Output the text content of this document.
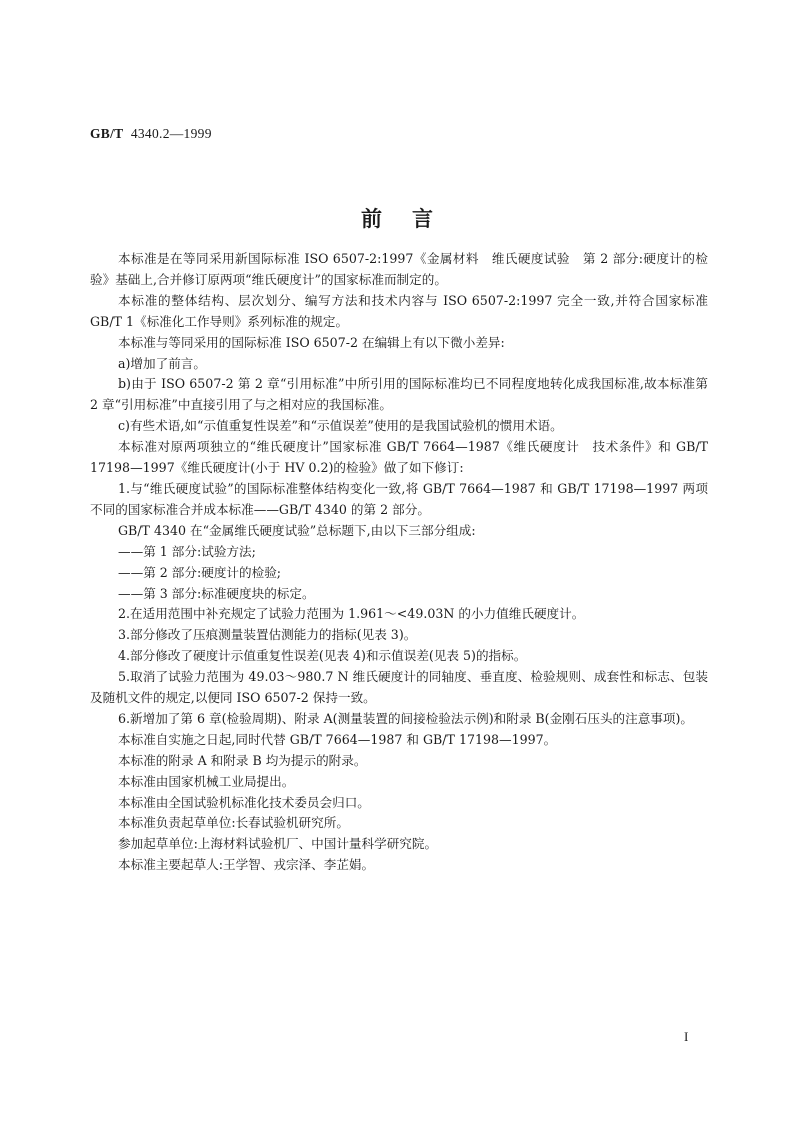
GB/T 4340.2—1999
前言

本标准是在等同采用新国际标准 ISO 6507-2:1997《金属材料　维氏硬度试验　第 2 部分:硬度计的检验》基础上,合并修订原两项“维氏硬度计”的国家标准而制定的。

本标准的整体结构、层次划分、编写方法和技术内容与 ISO 6507-2:1997 完全一致,并符合国家标准 GB/T 1《标准化工作导则》系列标准的规定。

本标准与等同采用的国际标准 ISO 6507-2 在编辑上有以下微小差异:

a)增加了前言。

b)由于 ISO 6507-2 第 2 章“引用标准”中所引用的国际标准均已不同程度地转化成我国标准,故本标准第 2 章“引用标准”中直接引用了与之相对应的我国标准。

c)有些术语,如“示值重复性误差”和“示值误差”使用的是我国试验机的惯用术语。

本标准对原两项独立的“维氏硬度计”国家标准 GB/T 7664—1987《维氏硬度计　技术条件》和 GB/T 17198—1997《维氏硬度计(小于 HV 0.2)的检验》做了如下修订:

1.与“维氏硬度试验”的国际标准整体结构变化一致,将 GB/T 7664—1987 和 GB/T 17198—1997 两项不同的国家标准合并成本标准——GB/T 4340 的第 2 部分。

GB/T 4340 在“金属维氏硬度试验”总标题下,由以下三部分组成:

——第 1 部分:试验方法;

——第 2 部分:硬度计的检验;

——第 3 部分:标准硬度块的标定。

2.在适用范围中补充规定了试验力范围为 1.961～<49.03N 的小力值维氏硬度计。

3.部分修改了压痕测量装置估测能力的指标(见表 3)。

4.部分修改了硬度计示值重复性误差(见表 4)和示值误差(见表 5)的指标。

5.取消了试验力范围为 49.03～980.7 N 维氏硬度计的同轴度、垂直度、检验规则、成套性和标志、包装及随机文件的规定,以便同 ISO 6507-2 保持一致。

6.新增加了第 6 章(检验周期)、附录 A(测量装置的间接检验法示例)和附录 B(金刚石压头的注意事项)。

本标准自实施之日起,同时代替 GB/T 7664—1987 和 GB/T 17198—1997。

本标准的附录 A 和附录 B 均为提示的附录。

本标准由国家机械工业局提出。

本标准由全国试验机标准化技术委员会归口。

本标准负责起草单位:长春试验机研究所。

参加起草单位:上海材料试验机厂、中国计量科学研究院。

本标准主要起草人:王学智、戎宗泽、李芷娟。

I
